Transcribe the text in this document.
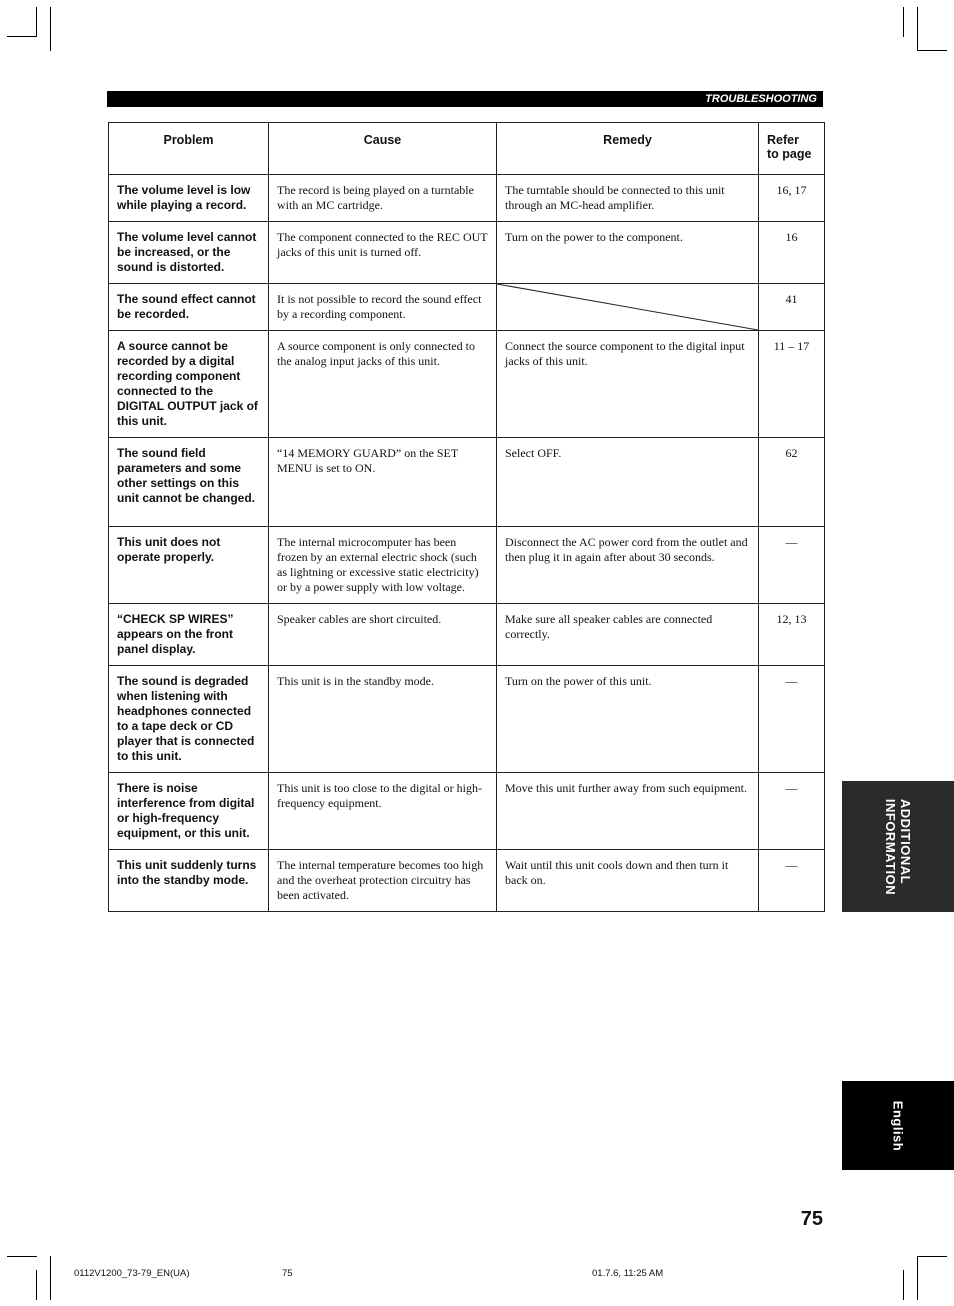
TROUBLESHOOTING
Problem	Cause	Remedy	Refer
to page
The volume level is low while playing a record.	The record is being played on a turntable with an MC cartridge.	The turntable should be connected to this unit through an MC-head amplifier.	16, 17
The volume level cannot be increased, or the sound is distorted.	The component connected to the REC OUT jacks of this unit is turned off.	Turn on the power to the component.	16
The sound effect cannot be recorded.	It is not possible to record the sound effect by a recording component.		41
A source cannot be recorded by a digital recording component connected to the DIGITAL OUTPUT jack of this unit.	A source component is only connected to the analog input jacks of this unit.	Connect the source component to the digital input jacks of this unit.	11 – 17
The sound field parameters and some other settings on this unit cannot be changed.	“14 MEMORY GUARD” on the SET MENU is set to ON.	Select OFF.	62
This unit does not operate properly.	The internal microcomputer has been frozen by an external electric shock (such as lightning or excessive static electricity) or by a power supply with low voltage.	Disconnect the AC power cord from the outlet and then plug it in again after about 30 seconds.	—
“CHECK SP WIRES” appears on the front panel display.	Speaker cables are short circuited.	Make sure all speaker cables are connected correctly.	12, 13
The sound is degraded when listening with headphones connected to a tape deck or CD player that is connected to this unit.	This unit is in the standby mode.	Turn on the power of this unit.	—
There is noise interference from digital or high-frequency equipment, or this unit.	This unit is too close to the digital or high-frequency equipment.	Move this unit further away from such equipment.	—
This unit suddenly turns into the standby mode.	The internal temperature becomes too high and the overheat protection circuitry has been activated.	Wait until this unit cools down and then turn it back on.	—	ADDITIONAL
INFORMATION
English
75
0112V1200_73-79_EN(UA)	75	01.7.6, 11:25 AM
